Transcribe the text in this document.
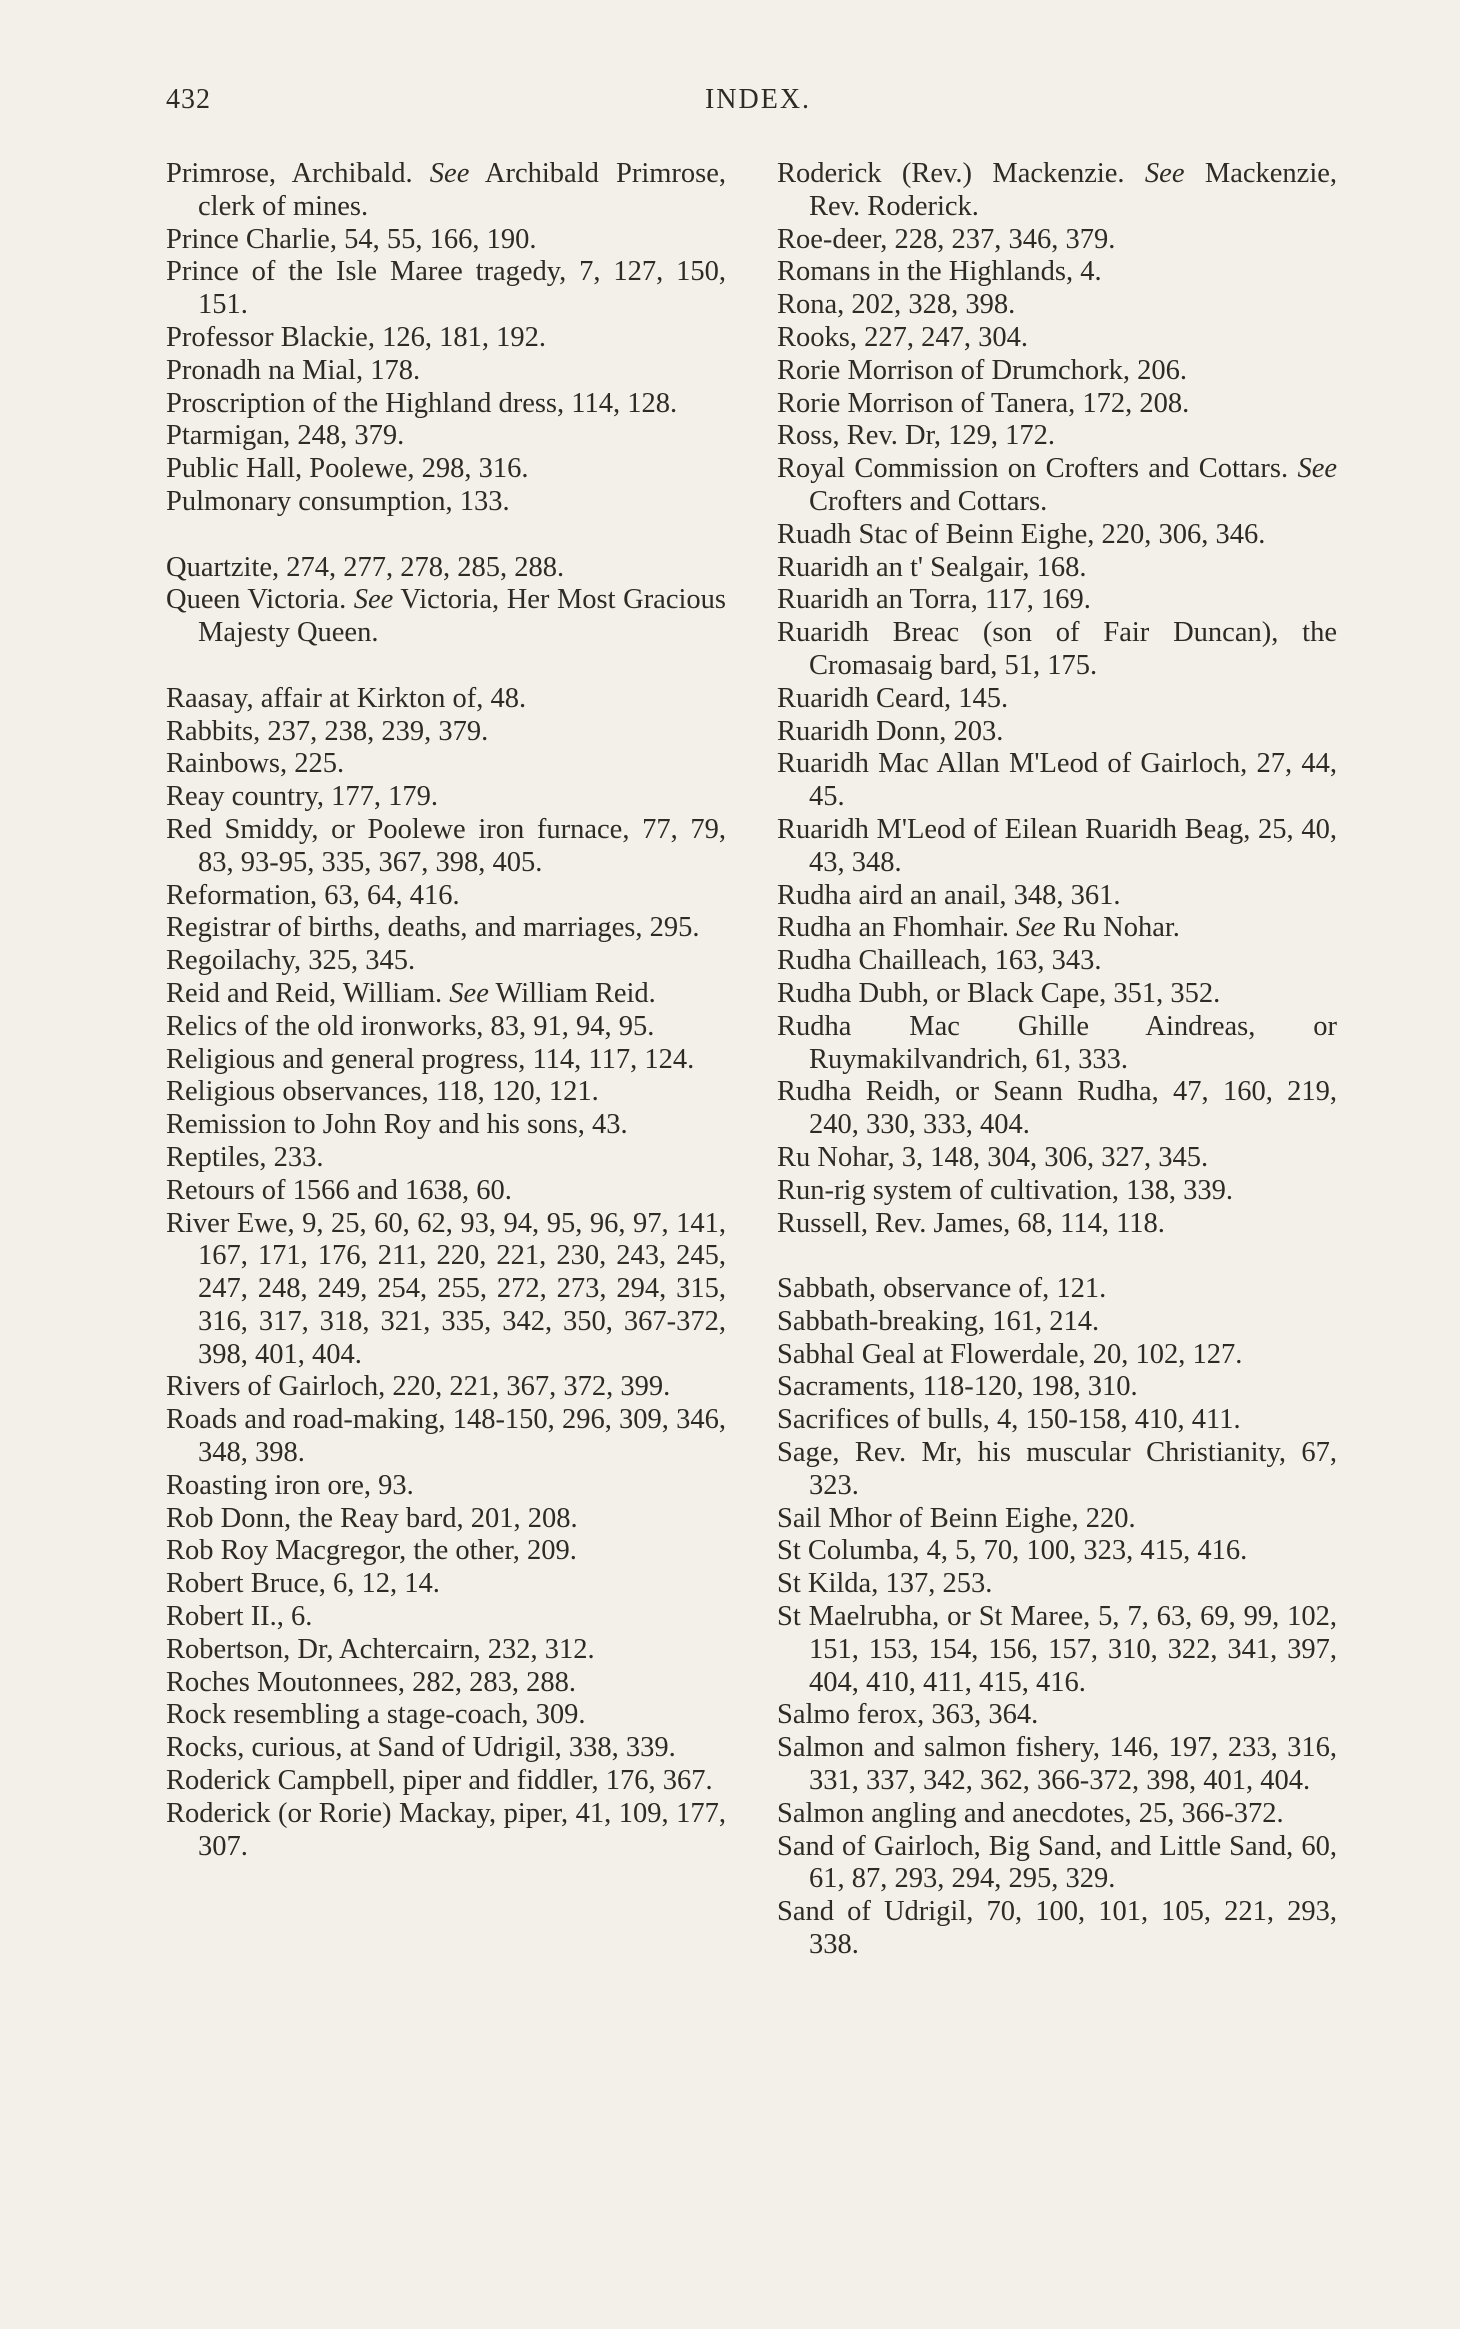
432	INDEX.
Primrose, Archibald. See Archibald Primrose, clerk of mines.
Prince Charlie, 54, 55, 166, 190.
Prince of the Isle Maree tragedy, 7, 127, 150, 151.
Professor Blackie, 126, 181, 192.
Pronadh na Mial, 178.
Proscription of the Highland dress, 114, 128.
Ptarmigan, 248, 379.
Public Hall, Poolewe, 298, 316.
Pulmonary consumption, 133.
Quartzite, 274, 277, 278, 285, 288.
Queen Victoria. See Victoria, Her Most Gracious Majesty Queen.
Raasay, affair at Kirkton of, 48.
Rabbits, 237, 238, 239, 379.
Rainbows, 225.
Reay country, 177, 179.
Red Smiddy, or Poolewe iron furnace, 77, 79, 83, 93-95, 335, 367, 398, 405.
Reformation, 63, 64, 416.
Registrar of births, deaths, and marriages, 295.
Regoilachy, 325, 345.
Reid and Reid, William. See William Reid.
Relics of the old ironworks, 83, 91, 94, 95.
Religious and general progress, 114, 117, 124.
Religious observances, 118, 120, 121.
Remission to John Roy and his sons, 43.
Reptiles, 233.
Retours of 1566 and 1638, 60.
River Ewe, 9, 25, 60, 62, 93, 94, 95, 96, 97, 141, 167, 171, 176, 211, 220, 221, 230, 243, 245, 247, 248, 249, 254, 255, 272, 273, 294, 315, 316, 317, 318, 321, 335, 342, 350, 367-372, 398, 401, 404.
Rivers of Gairloch, 220, 221, 367, 372, 399.
Roads and road-making, 148-150, 296, 309, 346, 348, 398.
Roasting iron ore, 93.
Rob Donn, the Reay bard, 201, 208.
Rob Roy Macgregor, the other, 209.
Robert Bruce, 6, 12, 14.
Robert II., 6.
Robertson, Dr, Achtercairn, 232, 312.
Roches Moutonnees, 282, 283, 288.
Rock resembling a stage-coach, 309.
Rocks, curious, at Sand of Udrigil, 338, 339.
Roderick Campbell, piper and fiddler, 176, 367.
Roderick (or Rorie) Mackay, piper, 41, 109, 177, 307.
Roderick (Rev.) Mackenzie. See Mackenzie, Rev. Roderick.
Roe-deer, 228, 237, 346, 379.
Romans in the Highlands, 4.
Rona, 202, 328, 398.
Rooks, 227, 247, 304.
Rorie Morrison of Drumchork, 206.
Rorie Morrison of Tanera, 172, 208.
Ross, Rev. Dr, 129, 172.
Royal Commission on Crofters and Cottars. See Crofters and Cottars.
Ruadh Stac of Beinn Eighe, 220, 306, 346.
Ruaridh an t' Sealgair, 168.
Ruaridh an Torra, 117, 169.
Ruaridh Breac (son of Fair Duncan), the Cromasaig bard, 51, 175.
Ruaridh Ceard, 145.
Ruaridh Donn, 203.
Ruaridh Mac Allan M'Leod of Gairloch, 27, 44, 45.
Ruaridh M'Leod of Eilean Ruaridh Beag, 25, 40, 43, 348.
Rudha aird an anail, 348, 361.
Rudha an Fhomhair. See Ru Nohar.
Rudha Chailleach, 163, 343.
Rudha Dubh, or Black Cape, 351, 352.
Rudha Mac Ghille Aindreas, or Ruymakilvandrich, 61, 333.
Rudha Reidh, or Seann Rudha, 47, 160, 219, 240, 330, 333, 404.
Ru Nohar, 3, 148, 304, 306, 327, 345.
Run-rig system of cultivation, 138, 339.
Russell, Rev. James, 68, 114, 118.
Sabbath, observance of, 121.
Sabbath-breaking, 161, 214.
Sabhal Geal at Flowerdale, 20, 102, 127.
Sacraments, 118-120, 198, 310.
Sacrifices of bulls, 4, 150-158, 410, 411.
Sage, Rev. Mr, his muscular Christianity, 67, 323.
Sail Mhor of Beinn Eighe, 220.
St Columba, 4, 5, 70, 100, 323, 415, 416.
St Kilda, 137, 253.
St Maelrubha, or St Maree, 5, 7, 63, 69, 99, 102, 151, 153, 154, 156, 157, 310, 322, 341, 397, 404, 410, 411, 415, 416.
Salmo ferox, 363, 364.
Salmon and salmon fishery, 146, 197, 233, 316, 331, 337, 342, 362, 366-372, 398, 401, 404.
Salmon angling and anecdotes, 25, 366-372.
Sand of Gairloch, Big Sand, and Little Sand, 60, 61, 87, 293, 294, 295, 329.
Sand of Udrigil, 70, 100, 101, 105, 221, 293, 338.
